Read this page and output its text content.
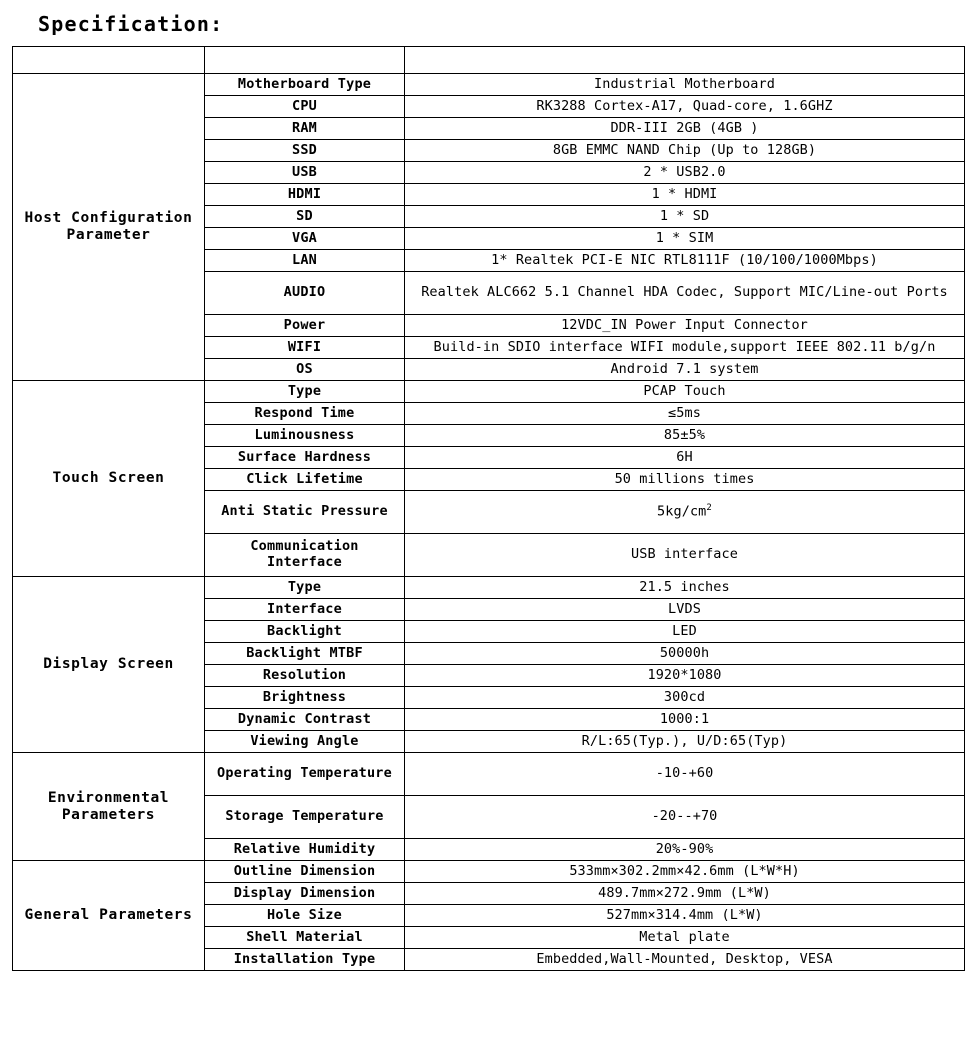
Specification:

Host Configuration Parameter	Motherboard Type	Industrial Motherboard
	CPU	RK3288 Cortex-A17, Quad-core, 1.6GHZ
	RAM	DDR-III 2GB (4GB )
	SSD	8GB EMMC NAND Chip (Up to 128GB)
	USB	2 * USB2.0
	HDMI	1 * HDMI
	SD	1 * SD
	VGA	1 * SIM
	LAN	1* Realtek PCI-E NIC RTL8111F (10/100/1000Mbps)
	AUDIO	Realtek ALC662 5.1 Channel HDA Codec, Support MIC/Line-out Ports
	Power	12VDC_IN Power Input Connector
	WIFI	Build-in SDIO interface WIFI module,support IEEE 802.11 b/g/n
	OS	Android 7.1 system
Touch Screen	Type	PCAP Touch
	Respond Time	≤5ms
	Luminousness	85±5%
	Surface Hardness	6H
	Click Lifetime	50 millions times
	Anti Static Pressure	$5kg/cm^2$
	Communication Interface	USB interface
Display Screen	Type	21.5 inches
	Interface	LVDS
	Backlight	LED
	Backlight MTBF	50000h
	Resolution	1920*1080
	Brightness	300cd
	Dynamic Contrast	1000:1
	Viewing Angle	R/L:65(Typ.), U/D:65(Typ)
Environmental Parameters	Operating Temperature	-10-+60
	Storage Temperature	-20--+70
	Relative Humidity	20%-90%
General Parameters	Outline Dimension	533mm×302.2mm×42.6mm (L*W*H)
	Display Dimension	489.7mm×272.9mm (L*W)
	Hole Size	527mm×314.4mm (L*W)
	Shell Material	Metal plate
	Installation Type	Embedded,Wall-Mounted, Desktop, VESA
